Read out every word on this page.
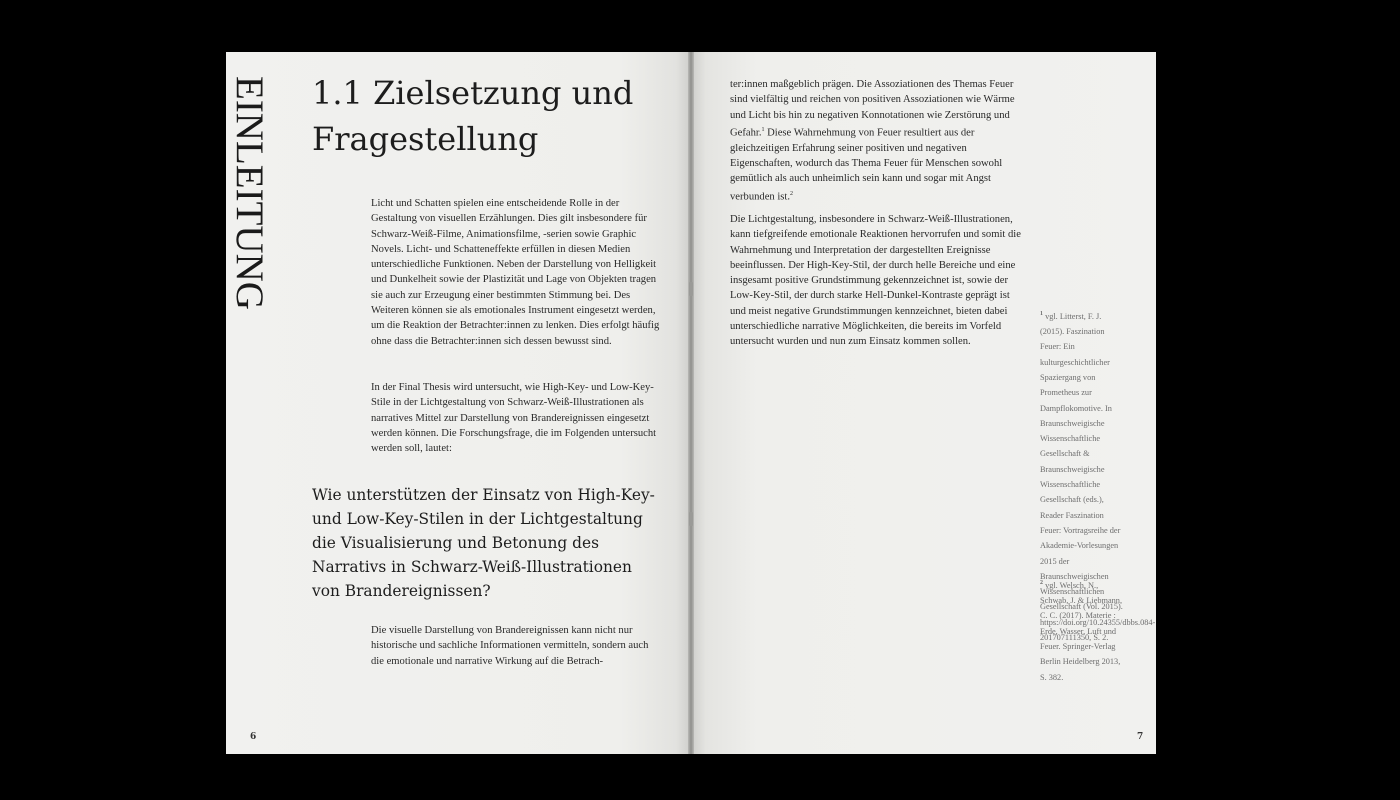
EINLEITUNG 1.1 Zielsetzung und Fragestellung

Licht und Schatten spielen eine entscheidende Rolle in der Gestaltung von visuellen Erzählungen. Dies gilt insbesondere für Schwarz-Weiß-Filme, Animationsfilme, -serien sowie Graphic Novels. Licht- und Schatteneffekte erfüllen in diesen Medien unterschiedliche Funktionen. Neben der Darstellung von Helligkeit und Dunkelheit sowie der Plastizität und Lage von Objekten tragen sie auch zur Erzeugung einer bestimmten Stimmung bei. Des Weiteren können sie als emotionales Instrument eingesetzt werden, um die Reaktion der Betrachter:innen zu lenken. Dies erfolgt häufig ohne dass die Betrachter:innen sich dessen bewusst sind.

In der Final Thesis wird untersucht, wie High-Key- und Low-Key-Stile in der Lichtgestaltung von Schwarz-Weiß-Illustrationen als narratives Mittel zur Darstellung von Brandereignissen eingesetzt werden können. Die Forschungsfrage, die im Folgenden untersucht werden soll, lautet:

Wie unterstützen der Einsatz von High-Key- und Low-Key-Stilen in der Lichtgestaltung die Visualisierung und Betonung des Narrativs in Schwarz-Weiß-Illustrationen von Brandereignissen?

Die visuelle Darstellung von Brandereignissen kann nicht nur historische und sachliche Informationen vermitteln, sondern auch die emotionale und narrative Wirkung auf die Betrach-

6

ter:innen maßgeblich prägen. Die Assoziationen des Themas Feuer sind vielfältig und reichen von positiven Assoziationen wie Wärme und Licht bis hin zu negativen Konnotationen wie Zerstörung und Gefahr.$^1$ Diese Wahrnehmung von Feuer resultiert aus der gleichzeitigen Erfahrung seiner positiven und negativen Eigenschaften, wodurch das Thema Feuer für Menschen sowohl gemütlich als auch unheimlich sein kann und sogar mit Angst verbunden ist.$^2$

Die Lichtgestaltung, insbesondere in Schwarz-Weiß-Illustrationen, kann tiefgreifende emotionale Reaktionen hervorrufen und somit die Wahrnehmung und Interpretation der dargestellten Ereignisse beeinflussen. Der High-Key-Stil, der durch helle Bereiche und eine insgesamt positive Grundstimmung gekennzeichnet ist, sowie der Low-Key-Stil, der durch starke Hell-Dunkel-Kontraste geprägt ist und meist negative Grundstimmungen kennzeichnet, bieten dabei unterschiedliche narrative Möglichkeiten, die bereits im Vorfeld untersucht wurden und nun zum Einsatz kommen sollen.

$^1$ vgl. Litterst, F. J. (2015). Faszination Feuer: Ein kulturgeschichtlicher Spaziergang von Prometheus zur Dampflokomotive. In Braunschweigische Wissenschaftliche Gesellschaft & Braunschweigische Wissenschaftliche Gesellschaft (eds.), Reader Faszination Feuer: Vortragsreihe der Akademie-Vorlesungen 2015 der Braunschweigischen Wissenschaftlichen Gesellschaft (Vol. 2015). https://doi.org/10.24355/dbbs.084-201707111350, S. 2.

$^2$ vgl. Welsch, N., Schwab, J. & Liebmann, C. C. (2017). Materie : Erde, Wasser, Luft und Feuer. Springer-Verlag Berlin Heidelberg 2013, S. 382.

7
